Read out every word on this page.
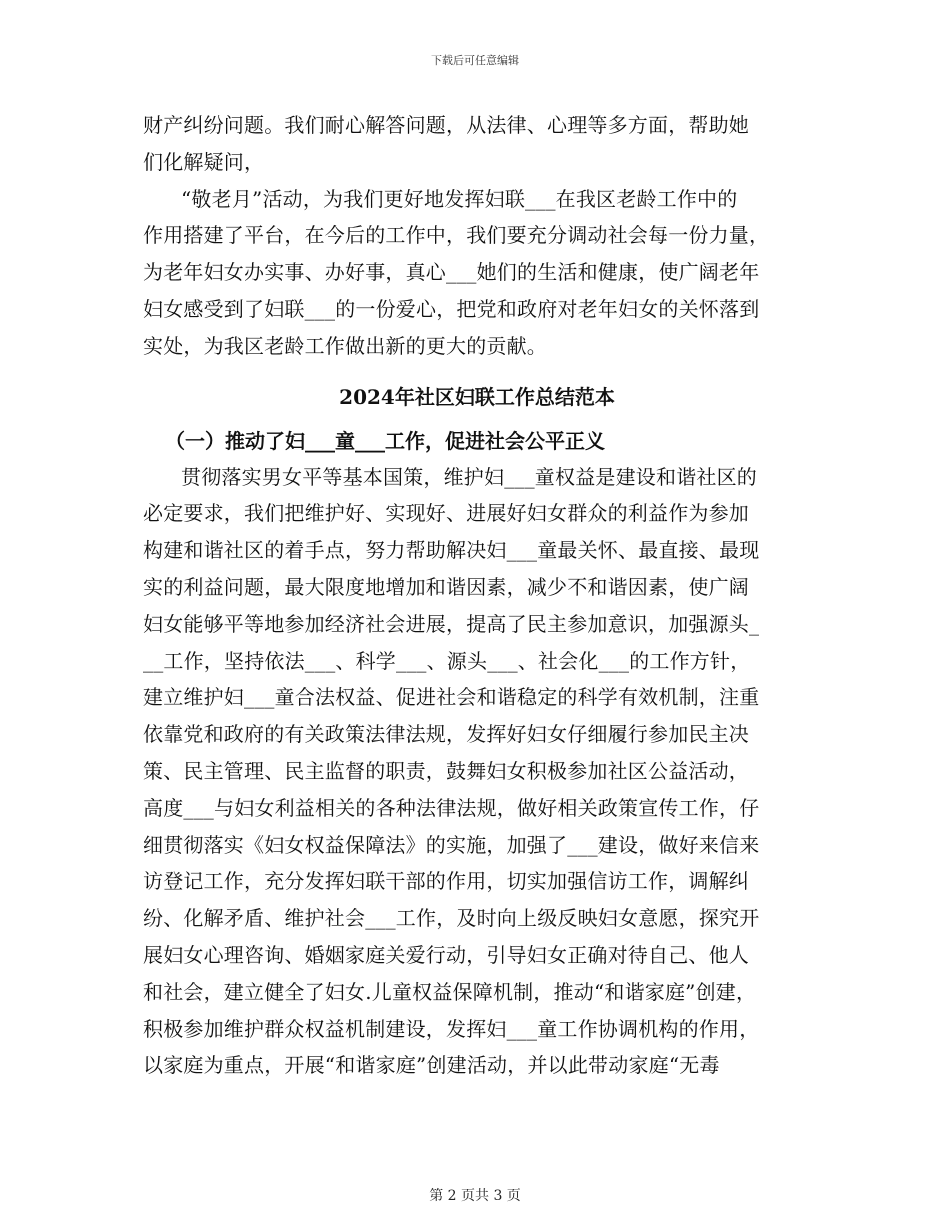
下载后可任意编辑
财产纠纷问题。我们耐心解答问题，从法律、心理等多方面，帮助她
们化解疑问，
“敬老月”活动，为我们更好地发挥妇联___在我区老龄工作中的
作用搭建了平台，在今后的工作中，我们要充分调动社会每一份力量，
为老年妇女办实事、办好事，真心___她们的生活和健康，使广阔老年
妇女感受到了妇联___的一份爱心，把党和政府对老年妇女的关怀落到
实处，为我区老龄工作做出新的更大的贡献。
2024年社区妇联工作总结范本
（一）推动了妇___童___工作，促进社会公平正义
贯彻落实男女平等基本国策，维护妇___童权益是建设和谐社区的
必定要求，我们把维护好、实现好、进展好妇女群众的利益作为参加
构建和谐社区的着手点，努力帮助解决妇___童最关怀、最直接、最现
实的利益问题，最大限度地增加和谐因素，减少不和谐因素，使广阔
妇女能够平等地参加经济社会进展，提高了民主参加意识，加强源头_
__工作，坚持依法___、科学___、源头___、社会化___的工作方针，
建立维护妇___童合法权益、促进社会和谐稳定的科学有效机制，注重
依靠党和政府的有关政策法律法规，发挥好妇女仔细履行参加民主决
策、民主管理、民主监督的职责，鼓舞妇女积极参加社区公益活动，
高度___与妇女利益相关的各种法律法规，做好相关政策宣传工作，仔
细贯彻落实《妇女权益保障法》的实施，加强了___建设，做好来信来
访登记工作，充分发挥妇联干部的作用，切实加强信访工作，调解纠
纷、化解矛盾、维护社会___工作，及时向上级反映妇女意愿，探究开
展妇女心理咨询、婚姻家庭关爱行动，引导妇女正确对待自己、他人
和社会，建立健全了妇女.儿童权益保障机制，推动“和谐家庭”创建，
积极参加维护群众权益机制建设，发挥妇___童工作协调机构的作用，
以家庭为重点，开展“和谐家庭”创建活动，并以此带动家庭“无毒
第 2 页共 3 页
